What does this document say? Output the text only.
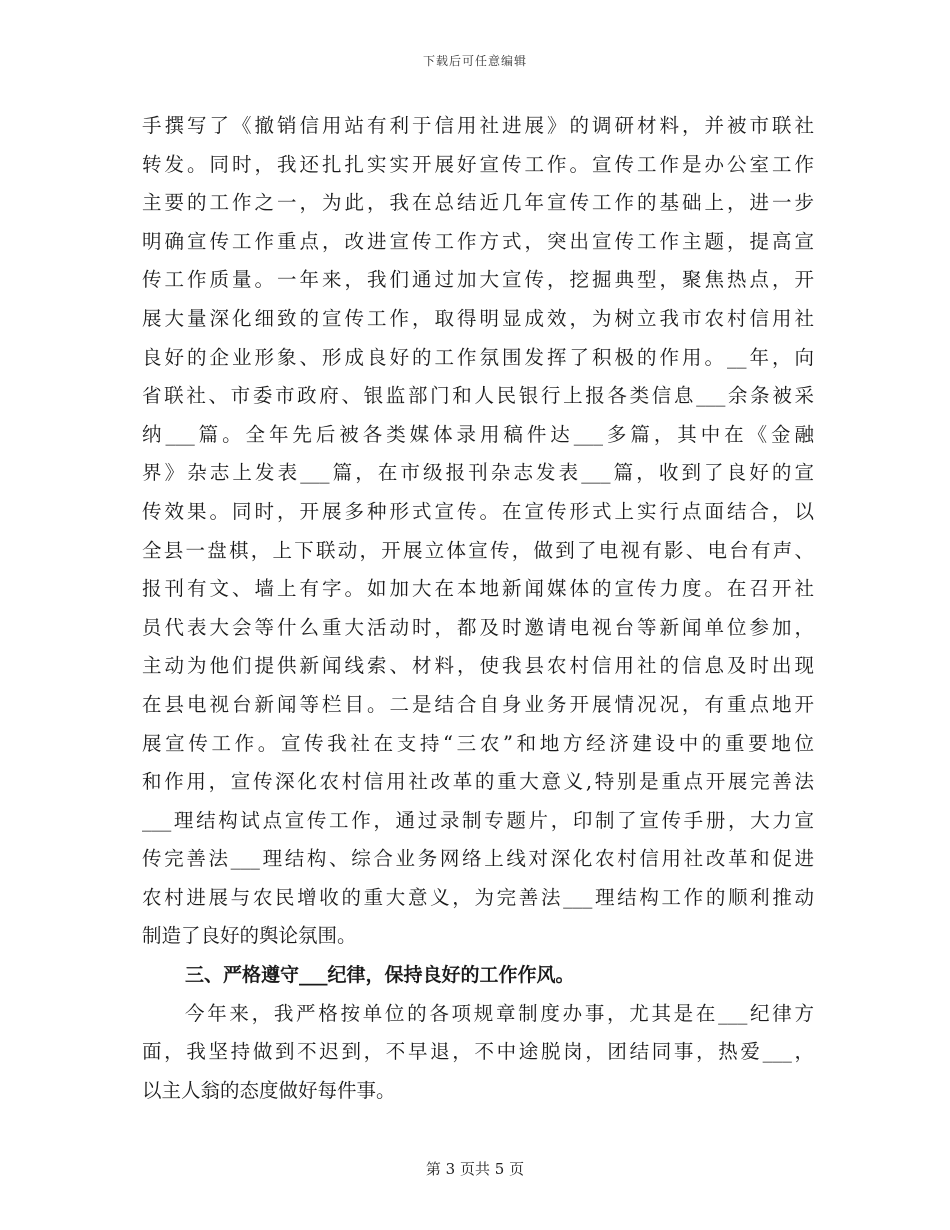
下载后可任意编辑
手撰写了《撤销信用站有利于信用社进展》的调研材料，并被市联社
转发。同时，我还扎扎实实开展好宣传工作。宣传工作是办公室工作
主要的工作之一，为此，我在总结近几年宣传工作的基础上，进一步
明确宣传工作重点，改进宣传工作方式，突出宣传工作主题，提高宣
传工作质量。一年来，我们通过加大宣传，挖掘典型，聚焦热点，开
展大量深化细致的宣传工作，取得明显成效，为树立我市农村信用社
良好的企业形象、形成良好的工作氛围发挥了积极的作用。__年，向
省联社、市委市政府、银监部门和人民银行上报各类信息___余条被采
纳___篇。全年先后被各类媒体录用稿件达___多篇，其中在《金融
界》杂志上发表___篇，在市级报刊杂志发表___篇，收到了良好的宣
传效果。同时，开展多种形式宣传。在宣传形式上实行点面结合，以
全县一盘棋，上下联动，开展立体宣传，做到了电视有影、电台有声、
报刊有文、墙上有字。如加大在本地新闻媒体的宣传力度。在召开社
员代表大会等什么重大活动时，都及时邀请电视台等新闻单位参加，
主动为他们提供新闻线索、材料，使我县农村信用社的信息及时出现
在县电视台新闻等栏目。二是结合自身业务开展情况况，有重点地开
展宣传工作。宣传我社在支持“三农”和地方经济建设中的重要地位
和作用，宣传深化农村信用社改革的重大意义,特别是重点开展完善法
___理结构试点宣传工作，通过录制专题片，印制了宣传手册，大力宣
传完善法___理结构、综合业务网络上线对深化农村信用社改革和促进
农村进展与农民增收的重大意义，为完善法___理结构工作的顺利推动
制造了良好的舆论氛围。
三、严格遵守___纪律，保持良好的工作作风。
今年来，我严格按单位的各项规章制度办事，尤其是在___纪律方
面，我坚持做到不迟到，不早退，不中途脱岗，团结同事，热爱___，
以主人翁的态度做好每件事。
第 3 页共 5 页
